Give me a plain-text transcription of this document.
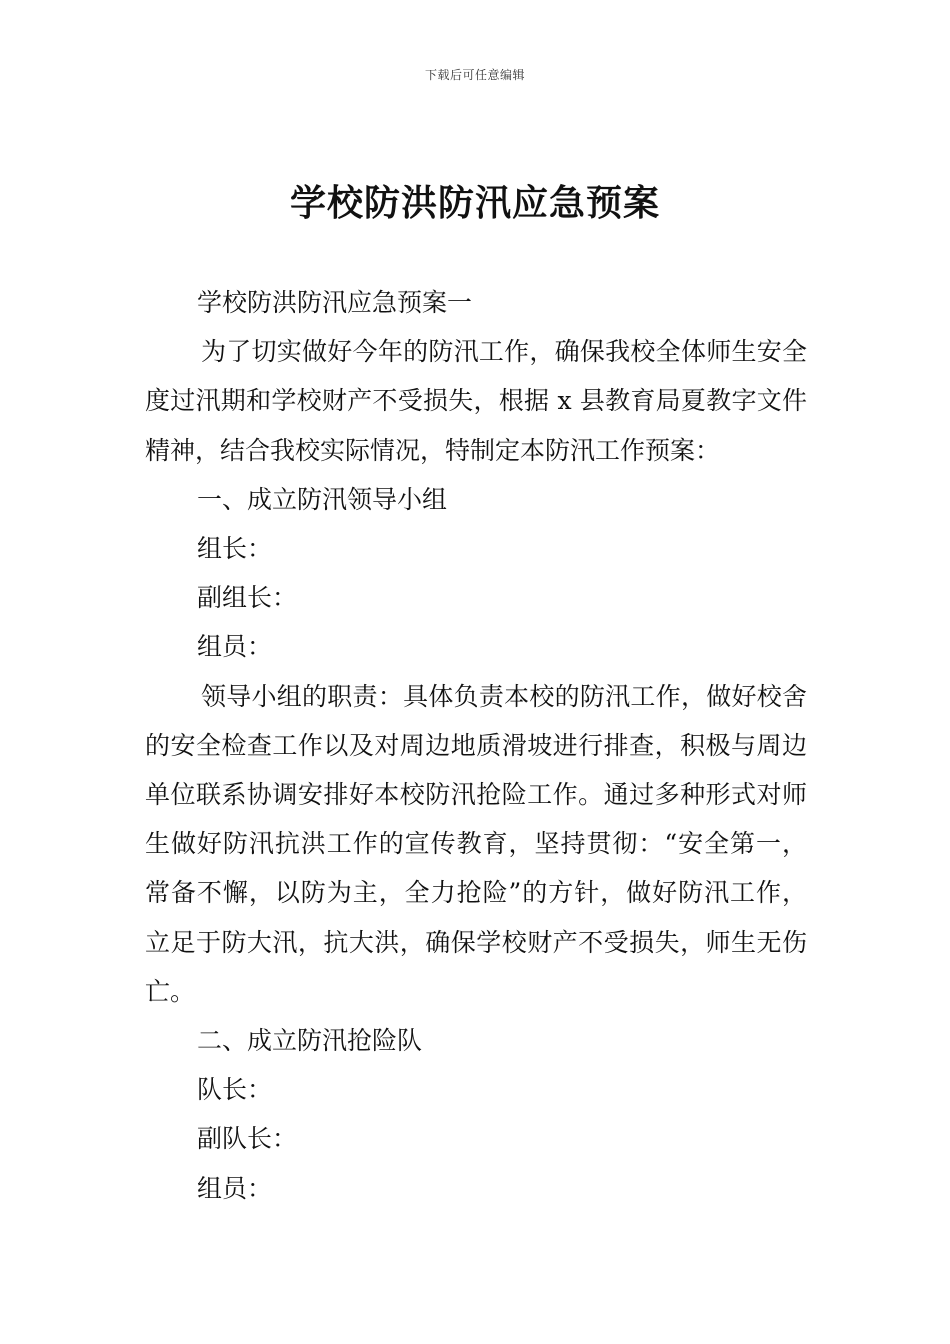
下载后可任意编辑
学校防洪防汛应急预案

学校防洪防汛应急预案一

为了切实做好今年的防汛工作，确保我校全体师生安全度过汛期和学校财产不受损失，根据 x 县教育局夏教字文件精神，结合我校实际情况，特制定本防汛工作预案：

一、成立防汛领导小组

组长：

副组长：

组员：

领导小组的职责：具体负责本校的防汛工作，做好校舍的安全检查工作以及对周边地质滑坡进行排查，积极与周边单位联系协调安排好本校防汛抢险工作。通过多种形式对师生做好防汛抗洪工作的宣传教育，坚持贯彻：“安全第一，常备不懈，以防为主，全力抢险”的方针，做好防汛工作，立足于防大汛，抗大洪，确保学校财产不受损失，师生无伤亡。

二、成立防汛抢险队

队长：

副队长：

组员：
